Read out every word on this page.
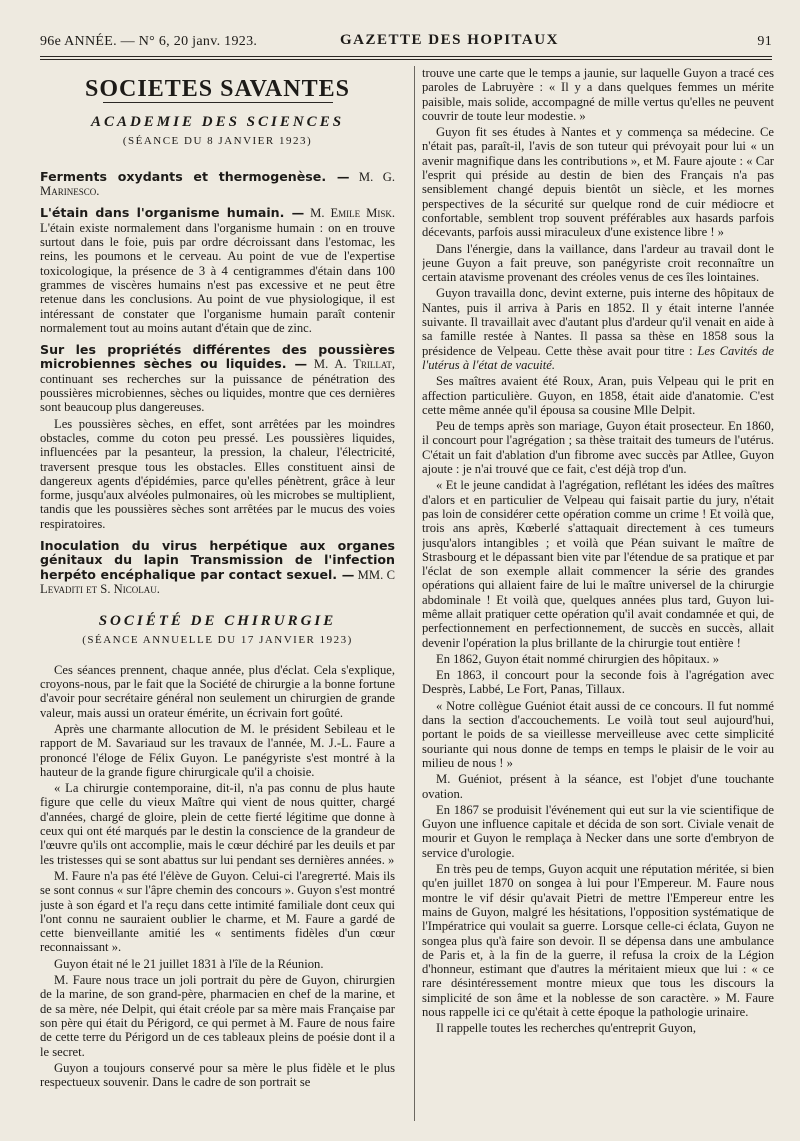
96e ANNÉE. — N° 6, 20 janv. 1923.	GAZETTE DES HOPITAUX	91
SOCIETES SAVANTES
ACADEMIE DES SCIENCES
(SÉANCE DU 8 JANVIER 1923)

Ferments oxydants et thermogenèse. — M. G. Marinesco.

L'étain dans l'organisme humain. — M. Emile Misk. L'étain existe normalement dans l'organisme humain : on en trouve surtout dans le foie, puis par ordre décroissant dans l'estomac, les reins, les poumons et le cerveau. Au point de vue de l'expertise toxicologique, la présence de 3 à 4 centigrammes d'étain dans 100 grammes de viscères humains n'est pas excessive et ne peut être retenue dans les conclusions. Au point de vue physiologique, il est intéressant de constater que l'organisme humain paraît contenir normalement tout au moins autant d'étain que de zinc.

Sur les propriétés différentes des poussières microbiennes sèches ou liquides. — M. A. Trillat, continuant ses recherches sur la puissance de pénétration des poussières microbiennes, sèches ou liquides, montre que ces dernières sont beaucoup plus dangereuses.

Les poussières sèches, en effet, sont arrêtées par les moindres obstacles, comme du coton peu pressé. Les poussières liquides, influencées par la pesanteur, la pression, la chaleur, l'électricité, traversent presque tous les obstacles. Elles constituent ainsi de dangereux agents d'épidémies, parce qu'elles pénètrent, grâce à leur forme, jusqu'aux alvéoles pulmonaires, où les microbes se multiplient, tandis que les poussières sèches sont arrêtées par le mucus des voies respiratoires.

Inoculation du virus herpétique aux organes génitaux du lapin Transmission de l'infection herpéto encéphalique par contact sexuel. — MM. C Levaditi et S. Nicolau.

SOCIÉTÉ DE CHIRURGIE
(SÉANCE ANNUELLE DU 17 JANVIER 1923)

Ces séances prennent, chaque année, plus d'éclat. Cela s'explique, croyons-nous, par le fait que la Société de chirurgie a la bonne fortune d'avoir pour secrétaire général non seulement un chirurgien de grande valeur, mais aussi un orateur émérite, un écrivain fort goûté.

Après une charmante allocution de M. le président Sebileau et le rapport de M. Savariaud sur les travaux de l'année, M. J.-L. Faure a prononcé l'éloge de Félix Guyon. Le panégyriste s'est montré à la hauteur de la grande figure chirurgicale qu'il a choisie.

« La chirurgie contemporaine, dit-il, n'a pas connu de plus haute figure que celle du vieux Maître qui vient de nous quitter, chargé d'années, chargé de gloire, plein de cette fierté légitime que donne à ceux qui ont été marqués par le destin la conscience de la grandeur de l'œuvre qu'ils ont accomplie, mais le cœur déchiré par les deuils et par les tristesses qui se sont abattus sur lui pendant ses dernières années. »

M. Faure n'a pas été l'élève de Guyon. Celui-ci l'aregrетté. Mais ils se sont connus « sur l'âpre chemin des concours ». Guyon s'est montré juste à son égard et l'a reçu dans cette intimité familiale dont ceux qui l'ont connu ne sauraient oublier le charme, et M. Faure a gardé de cette bienveillante amitié les « sentiments fidèles d'un cœur reconnaissant ».

Guyon était né le 21 juillet 1831 à l'île de la Réunion.

M. Faure nous trace un joli portrait du père de Guyon, chirurgien de la marine, de son grand-père, pharmacien en chef de la marine, et de sa mère, née Delpit, qui était créole par sa mère mais Française par son père qui était du Périgord, ce qui permet à M. Faure de nous faire de cette terre du Périgord un de ces tableaux pleins de poésie dont il a le secret.

Guyon a toujours conservé pour sa mère le plus fidèle et le plus respectueux souvenir. Dans le cadre de son portrait se

trouve une carte que le temps a jaunie, sur laquelle Guyon a tracé ces paroles de Labruyère : « Il y a dans quelques femmes un mérite paisible, mais solide, accompagné de mille vertus qu'elles ne peuvent couvrir de toute leur modestie. »

Guyon fit ses études à Nantes et y commença sa médecine. Ce n'était pas, paraît-il, l'avis de son tuteur qui prévoyait pour lui « un avenir magnifique dans les contributions », et M. Faure ajoute : « Car l'esprit qui préside au destin de bien des Français n'a pas sensiblement changé depuis bientôt un siècle, et les mornes perspectives de la sécurité sur quelque rond de cuir médiocre et confortable, semblent trop souvent préférables aux hasards parfois décevants, parfois aussi miraculeux d'une existence libre ! »

Dans l'énergie, dans la vaillance, dans l'ardeur au travail dont le jeune Guyon a fait preuve, son panégyriste croit reconnaître un certain atavisme provenant des créoles venus de ces îles lointaines.

Guyon travailla donc, devint externe, puis interne des hôpitaux de Nantes, puis il arriva à Paris en 1852. Il y était interne l'année suivante. Il travaillait avec d'autant plus d'ardeur qu'il venait en aide à sa famille restée à Nantes. Il passa sa thèse en 1858 sous la présidence de Velpeau. Cette thèse avait pour titre : Les Cavités de l'utérus à l'état de vacuité.

Ses maîtres avaient été Roux, Aran, puis Velpeau qui le prit en affection particulière. Guyon, en 1858, était aide d'anatomie. C'est cette même année qu'il épousa sa cousine Mlle Delpit.

Peu de temps après son mariage, Guyon était prosecteur. En 1860, il concourt pour l'agrégation ; sa thèse traitait des tumeurs de l'utérus. C'était un fait d'ablation d'un fibrome avec succès par Atllee, Guyon ajoute : je n'ai trouvé que ce fait, c'est déjà trop d'un.

« Et le jeune candidat à l'agrégation, reflétant les idées des maîtres d'alors et en particulier de Velpeau qui faisait partie du jury, n'était pas loin de considérer cette opération comme un crime ! Et voilà que, trois ans après, Kœberlé s'attaquait directement à ces tumeurs jusqu'alors intangibles ; et voilà que Péan suivant le maître de Strasbourg et le dépassant bien vite par l'étendue de sa pratique et par l'éclat de son exemple allait commencer la série des grandes opérations qui allaient faire de lui le maître universel de la chirurgie abdominale ! Et voilà que, quelques années plus tard, Guyon lui-même allait pratiquer cette opération qu'il avait condamnée et qui, de perfectionnement en perfectionnement, de succès en succès, allait devenir l'opération la plus brillante de la chirurgie tout entière !

En 1862, Guyon était nommé chirurgien des hôpitaux. »

En 1863, il concourt pour la seconde fois à l'agrégation avec Desprès, Labbé, Le Fort, Panas, Tillaux.

« Notre collègue Guéniot était aussi de ce concours. Il fut nommé dans la section d'accouchements. Le voilà tout seul aujourd'hui, portant le poids de sa vieillesse merveilleuse avec cette simplicité souriante qui nous donne de temps en temps le plaisir de le voir au milieu de nous ! »

M. Guéniot, présent à la séance, est l'objet d'une touchante ovation.

En 1867 se produisit l'événement qui eut sur la vie scientifique de Guyon une influence capitale et décida de son sort. Civiale venait de mourir et Guyon le remplaça à Necker dans une sorte d'embryon de service d'urologie.

En très peu de temps, Guyon acquit une réputation méritée, si bien qu'en juillet 1870 on songea à lui pour l'Empereur. M. Faure nous montre le vif désir qu'avait Pietri de mettre l'Empereur entre les mains de Guyon, malgré les hésitations, l'opposition systématique de l'Impératrice qui voulait sa guerre. Lorsque celle-ci éclata, Guyon ne songea plus qu'à faire son devoir. Il se dépensa dans une ambulance de Paris et, à la fin de la guerre, il refusa la croix de la Légion d'honneur, estimant que d'autres la méritaient mieux que lui : « ce rare désintéressement montre mieux que tous les discours la simplicité de son âme et la noblesse de son caractère. » M. Faure nous rappelle ici ce qu'était à cette époque la pathologie urinaire.

Il rappelle toutes les recherches qu'entreprit Guyon,
